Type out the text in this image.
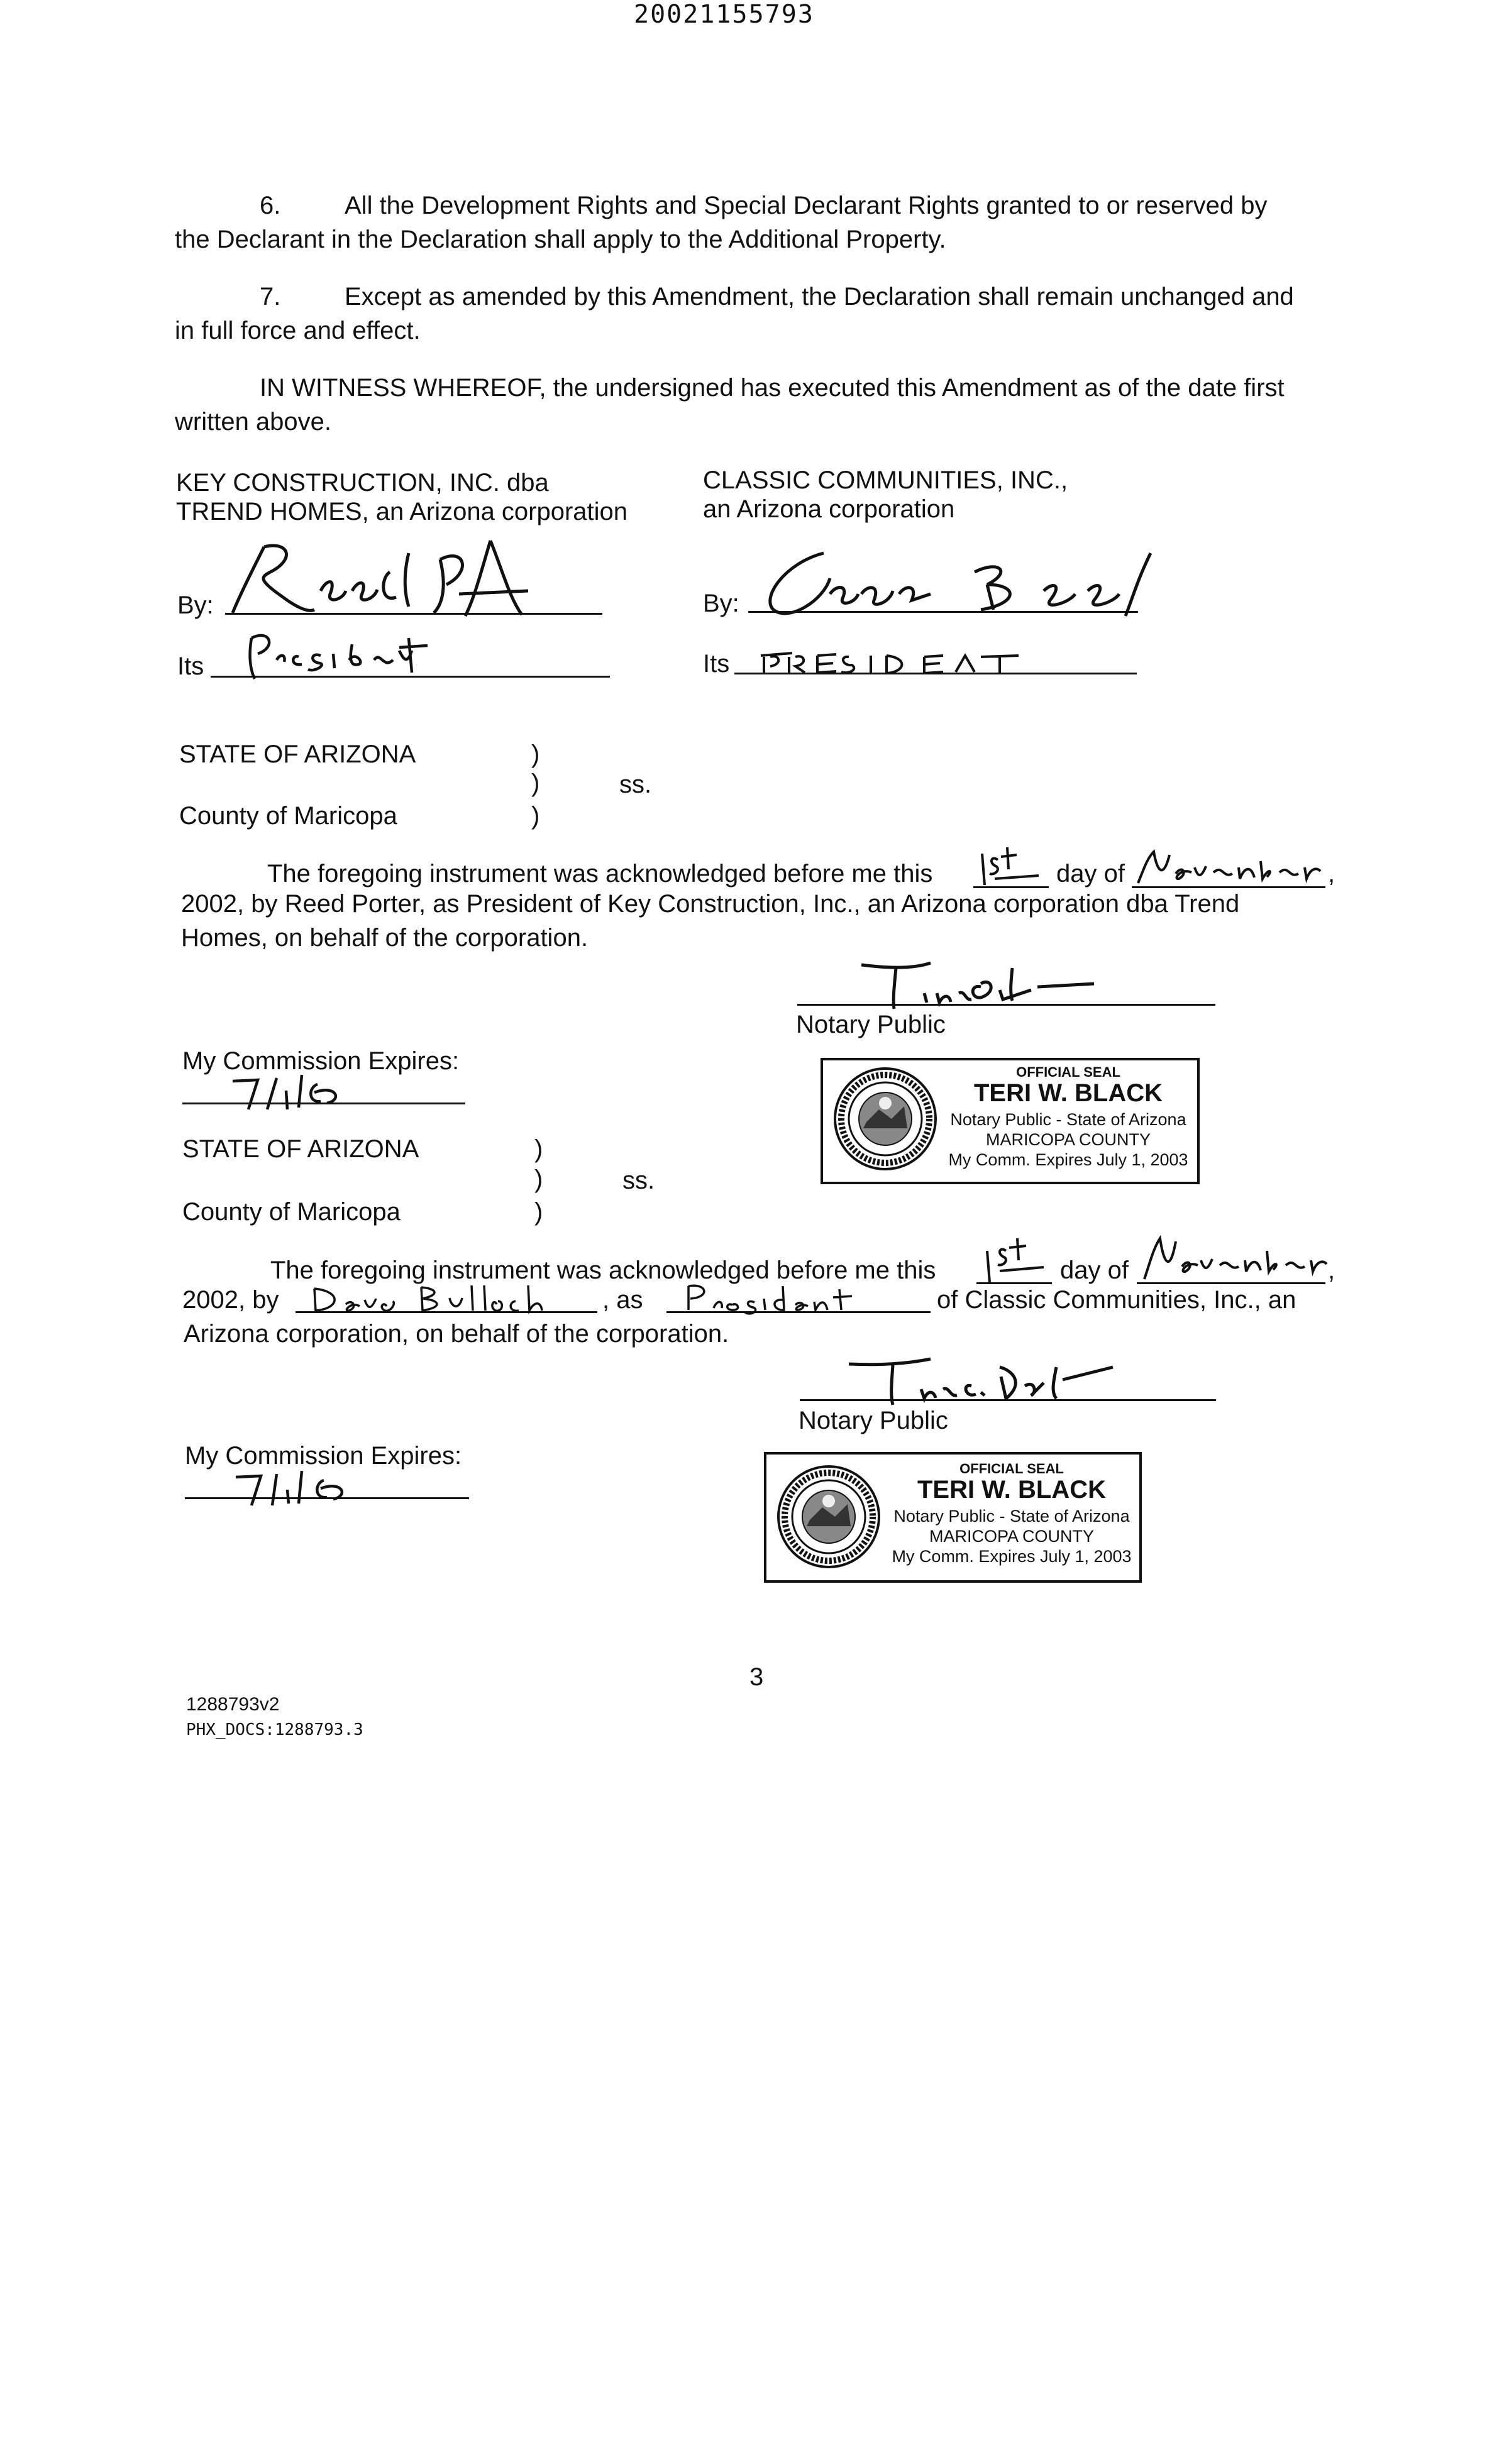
20021155793
6.	All the Development Rights and Special Declarant Rights granted to or reserved by
the Declarant in the Declaration shall apply to the Additional Property.
7.	Except as amended by this Amendment, the Declaration shall remain unchanged and
in full force and effect.
IN WITNESS WHEREOF, the undersigned has executed this Amendment as of the date first
written above.
KEY CONSTRUCTION, INC. dba
TREND HOMES, an Arizona corporation
CLASSIC COMMUNITIES, INC.,
an Arizona corporation
By:
Its
By:
Its
STATE OF ARIZONA	)
)	ss.
)
County of Maricopa
The foregoing instrument was acknowledged before me this	day of	,
2002, by Reed Porter, as President of Key Construction, Inc., an Arizona corporation dba Trend
Homes, on behalf of the corporation.
Notary Public
My Commission Expires:	OFFICIAL SEAL
TERI W. BLACK
Notary Public - State of Arizona
MARICOPA COUNTY
My Comm. Expires July 1, 2003
STATE OF ARIZONA	)
)	ss.
)
County of Maricopa
The foregoing instrument was acknowledged before me this	day of	,
2002, by	, as	of Classic Communities, Inc., an
Arizona corporation, on behalf of the corporation.
Notary Public
My Commission Expires:	OFFICIAL SEAL
TERI W. BLACK
Notary Public - State of Arizona
MARICOPA COUNTY
My Comm. Expires July 1, 2003
3
1288793v2
PHX_DOCS:1288793.3
